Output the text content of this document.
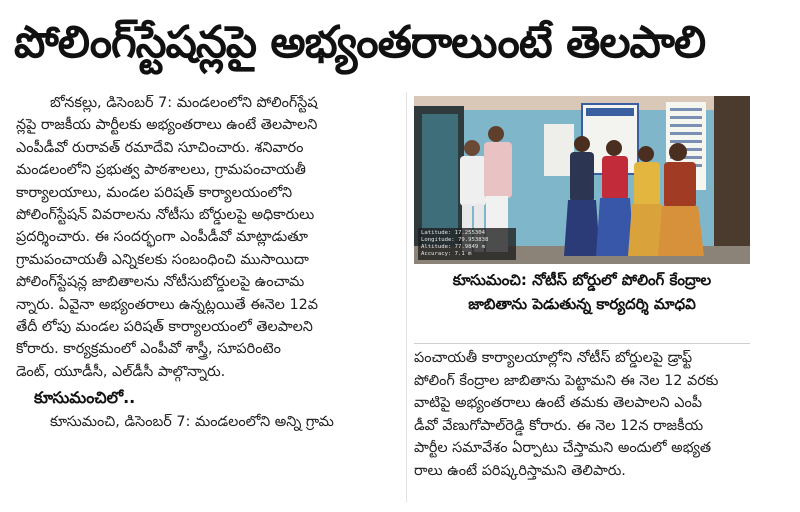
పోలింగ్‌స్టేషన్లపై అభ్యంతరాలుంటే తెలపాలి
బోనకల్లు, డిసెంబర్ 7: మండలంలోని పోలింగ్‌స్టేష
న్లపై రాజకీయ పార్టీలకు అభ్యంతరాలు ఉంటే తెలపాలని
ఎంపీడీవో రురావత్ రమాదేవి సూచించారు. శనివారం
మండలంలోని ప్రభుత్వ పాఠశాలలు, గ్రామపంచాయతీ
కార్యాలయాలు, మండల పరిషత్ కార్యాలయంలోని
పోలింగ్‌స్టేషన్ వివరాలను నోటీసు బోర్డులపై అధికారులు
ప్రదర్శించారు. ఈ సందర్భంగా ఎంపీడీవో మాట్లాడుతూ
గ్రామపంచాయతీ ఎన్నికలకు సంబంధించి ముసాయిదా
పోలింగ్‌స్టేషన్ల జాబితాలను నోటీసుబోర్డులపై ఉంచామ
న్నారు. ఏవైనా అభ్యంతరాలు ఉన్నట్లయితే ఈనెల 12వ
తేదీ లోపు మండల పరిషత్ కార్యాలయంలో తెలపాలని
కోరారు. కార్యక్రమంలో ఎంపీవో శాస్త్రీ, సూపరింటెం
డెంట్, యూడీసీ, ఎల్‌డీసీ పాల్గొన్నారు.
కూసుమంచిలో..
కూసుమంచి, డిసెంబర్ 7: మండలంలోని అన్ని గ్రామ
Latitude: 17.255304
Longitude: 79.953838
Altitude: 77.9849 m
Accuracy: 7.1 m
కూసుమంచి: నోటీస్ బోర్డులో పోలింగ్ కేంద్రాల
జాబితాను పెడుతున్న కార్యదర్శి మాధవి
పంచాయతీ కార్యాలయాల్లోని నోటీస్ బోర్డులపై డ్రాఫ్ట్
పోలింగ్ కేంద్రాల జాబితాను పెట్టామని ఈ నెల 12 వరకు
వాటిపై అభ్యంతరాలు ఉంటే తమకు తెలపాలని ఎంపీ
డీవో వేణుగోపాల్‌రెడ్డి కోరారు. ఈ నెల 12న రాజకీయ
పార్టీల సమావేశం ఏర్పాటు చేస్తామని అందులో అభ్యత
రాలు ఉంటే పరిష్కరిస్తామని తెలిపారు.
